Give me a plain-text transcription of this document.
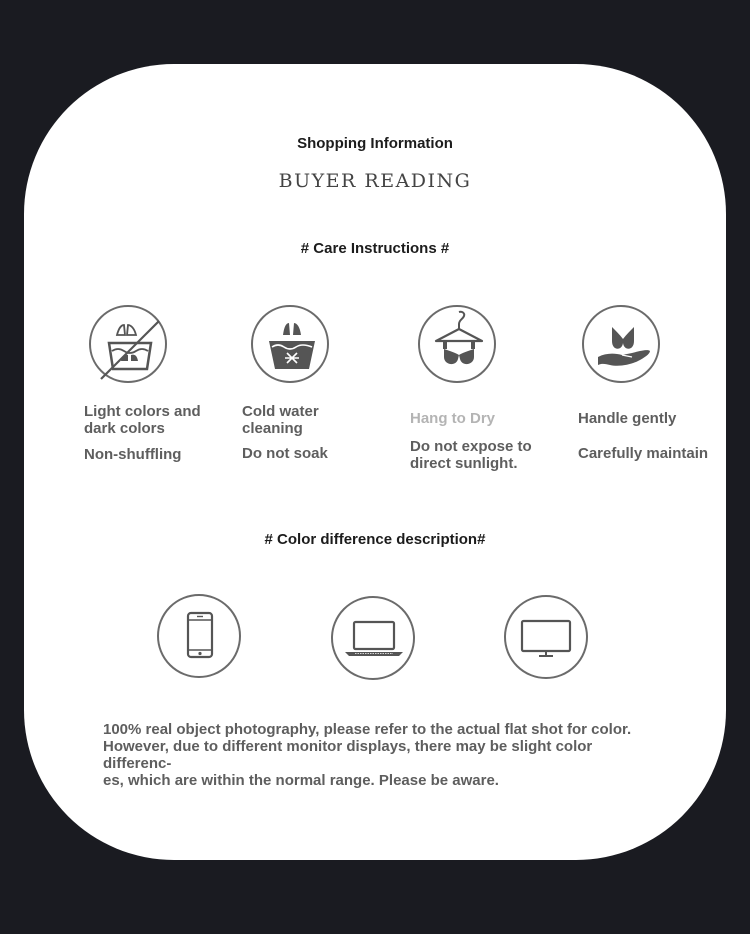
Shopping Information
BUYER READING
# Care Instructions #
Light colors and
dark colors
Non-shuffling
Cold water
cleaning
Do not soak
Hang to Dry
Do not expose to
direct sunlight.
Handle gently
Carefully maintain
# Color difference description#
100% real object photography, please refer to the actual flat shot for color.
However, due to different monitor displays, there may be slight color differenc-
es, which are within the normal range. Please be aware.
